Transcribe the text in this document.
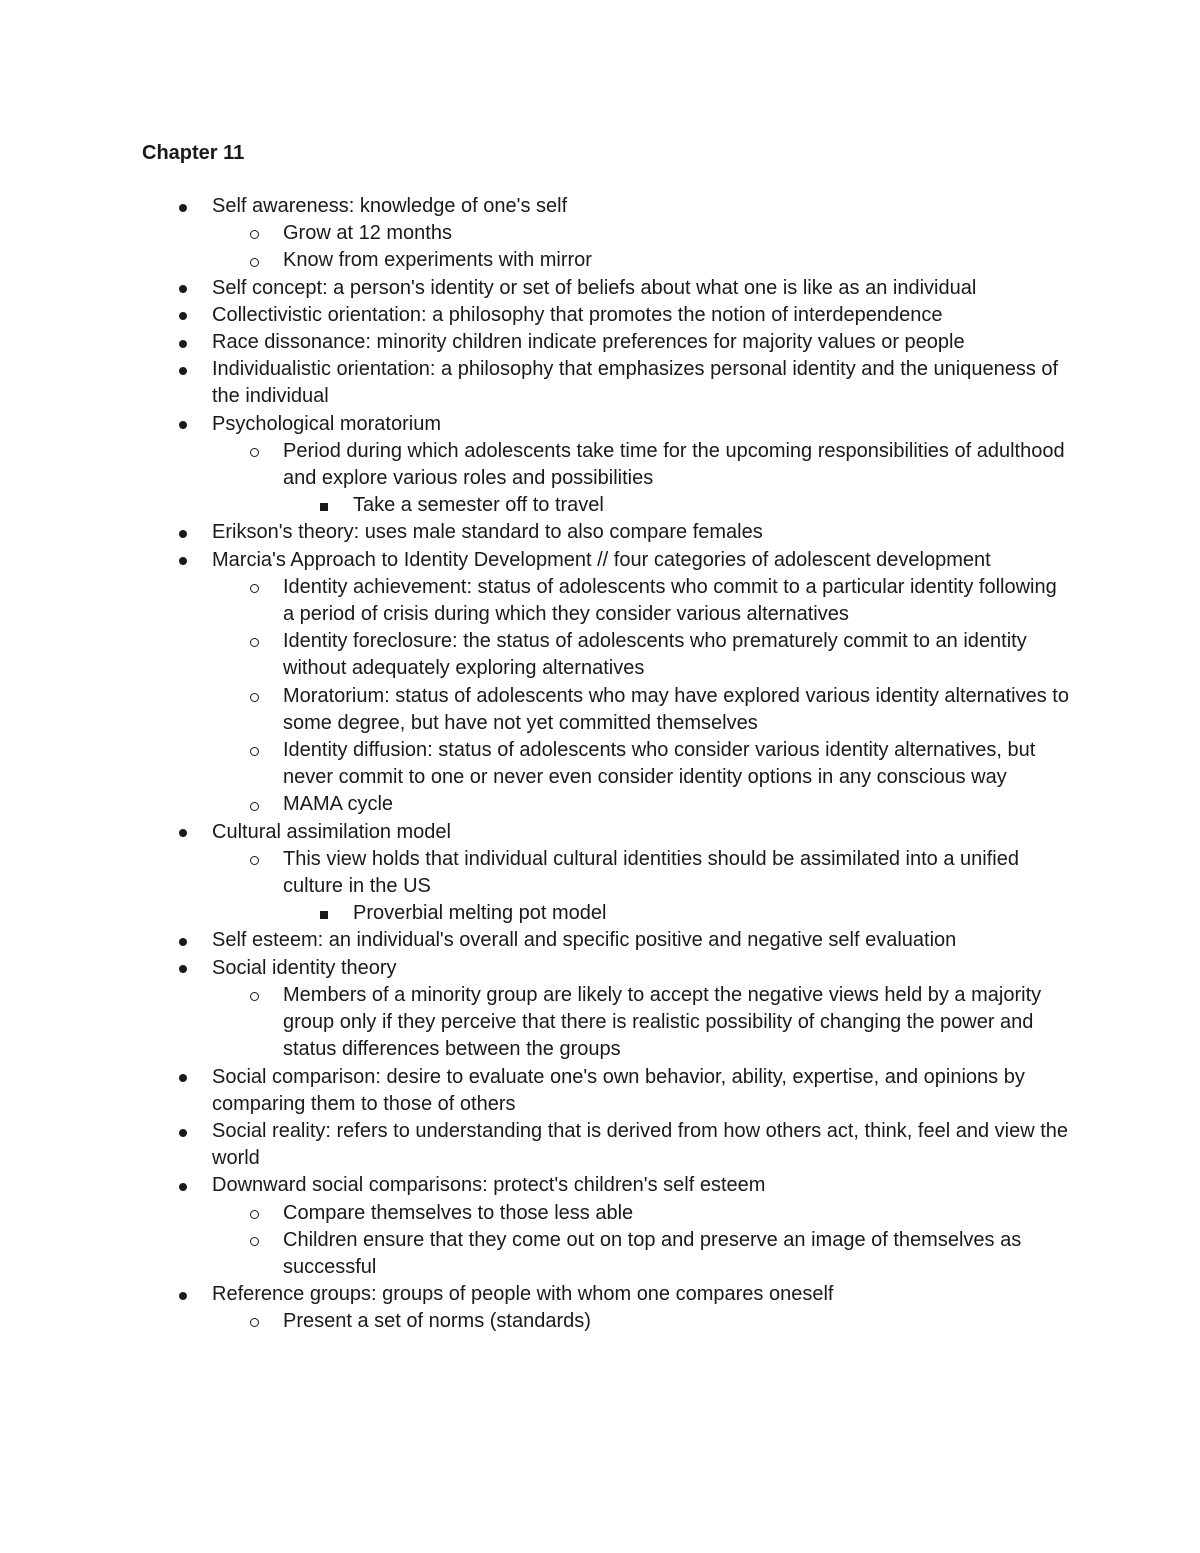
Chapter 11
Self awareness: knowledge of one's self
Grow at 12 months
Know from experiments with mirror
Self concept: a person's identity or set of beliefs about what one is like as an individual
Collectivistic orientation: a philosophy that promotes the notion of interdependence
Race dissonance: minority children indicate preferences for majority values or people
Individualistic orientation: a philosophy that emphasizes personal identity and the uniqueness of the individual
Psychological moratorium
Period during which adolescents take time for the upcoming responsibilities of adulthood and explore various roles and possibilities
Take a semester off to travel
Erikson's theory: uses male standard to also compare females
Marcia's Approach to Identity Development // four categories of adolescent development
Identity achievement: status of adolescents who commit to a particular identity following a period of crisis during which they consider various alternatives
Identity foreclosure: the status of adolescents who prematurely commit to an identity without adequately exploring alternatives
Moratorium: status of adolescents who may have explored various identity alternatives to some degree, but have not yet committed themselves
Identity diffusion: status of adolescents who consider various identity alternatives, but never commit to one or never even consider identity options in any conscious way
MAMA cycle
Cultural assimilation model
This view holds that individual cultural identities should be assimilated into a unified culture in the US
Proverbial melting pot model
Self esteem: an individual's overall and specific positive and negative self evaluation
Social identity theory
Members of a minority group are likely to accept the negative views held by a majority group only if they perceive that there is realistic possibility of changing the power and status differences between the groups
Social comparison: desire to evaluate one's own behavior, ability, expertise, and opinions by comparing them to those of others
Social reality: refers to understanding that is derived from how others act, think, feel and view the world
Downward social comparisons: protect's children's self esteem
Compare themselves to those less able
Children ensure that they come out on top and preserve an image of themselves as successful
Reference groups: groups of people with whom one compares oneself
Present a set of norms (standards)
